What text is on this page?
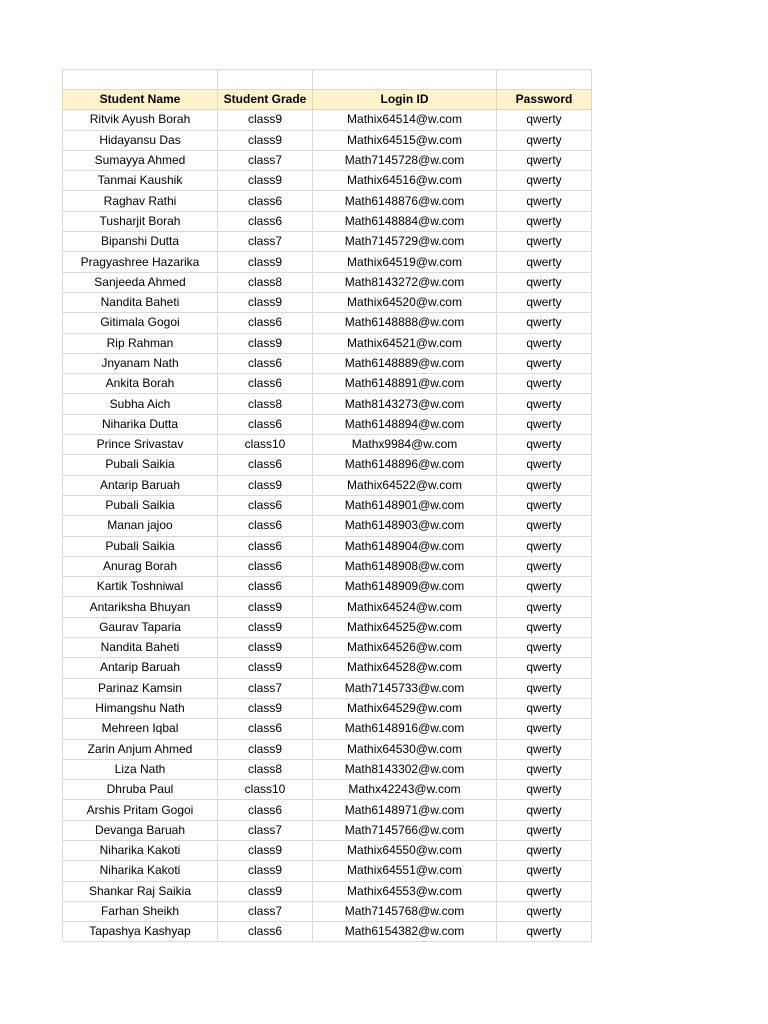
Student Name	Student Grade	Login ID	Password
Ritvik Ayush Borah	class9	Mathix64514@w.com	qwerty
Hidayansu Das	class9	Mathix64515@w.com	qwerty
Sumayya Ahmed	class7	Math7145728@w.com	qwerty
Tanmai Kaushik	class9	Mathix64516@w.com	qwerty
Raghav Rathi	class6	Math6148876@w.com	qwerty
Tusharjit Borah	class6	Math6148884@w.com	qwerty
Bipanshi Dutta	class7	Math7145729@w.com	qwerty
Pragyashree Hazarika	class9	Mathix64519@w.com	qwerty
Sanjeeda Ahmed	class8	Math8143272@w.com	qwerty
Nandita Baheti	class9	Mathix64520@w.com	qwerty
Gitimala Gogoi	class6	Math6148888@w.com	qwerty
Rip Rahman	class9	Mathix64521@w.com	qwerty
Jnyanam Nath	class6	Math6148889@w.com	qwerty
Ankita Borah	class6	Math6148891@w.com	qwerty
Subha Aich	class8	Math8143273@w.com	qwerty
Niharika Dutta	class6	Math6148894@w.com	qwerty
Prince Srivastav	class10	Mathx9984@w.com	qwerty
Pubali Saikia	class6	Math6148896@w.com	qwerty
Antarip Baruah	class9	Mathix64522@w.com	qwerty
Pubali Saikia	class6	Math6148901@w.com	qwerty
Manan jajoo	class6	Math6148903@w.com	qwerty
Pubali Saikia	class6	Math6148904@w.com	qwerty
Anurag Borah	class6	Math6148908@w.com	qwerty
Kartik Toshniwal	class6	Math6148909@w.com	qwerty
Antariksha Bhuyan	class9	Mathix64524@w.com	qwerty
Gaurav Taparia	class9	Mathix64525@w.com	qwerty
Nandita Baheti	class9	Mathix64526@w.com	qwerty
Antarip Baruah	class9	Mathix64528@w.com	qwerty
Parinaz Kamsin	class7	Math7145733@w.com	qwerty
Himangshu Nath	class9	Mathix64529@w.com	qwerty
Mehreen Iqbal	class6	Math6148916@w.com	qwerty
Zarin Anjum Ahmed	class9	Mathix64530@w.com	qwerty
Liza Nath	class8	Math8143302@w.com	qwerty
Dhruba Paul	class10	Mathx42243@w.com	qwerty
Arshis Pritam Gogoi	class6	Math6148971@w.com	qwerty
Devanga Baruah	class7	Math7145766@w.com	qwerty
Niharika Kakoti	class9	Mathix64550@w.com	qwerty
Niharika Kakoti	class9	Mathix64551@w.com	qwerty
Shankar Raj Saikia	class9	Mathix64553@w.com	qwerty
Farhan Sheikh	class7	Math7145768@w.com	qwerty
Tapashya Kashyap	class6	Math6154382@w.com	qwerty
